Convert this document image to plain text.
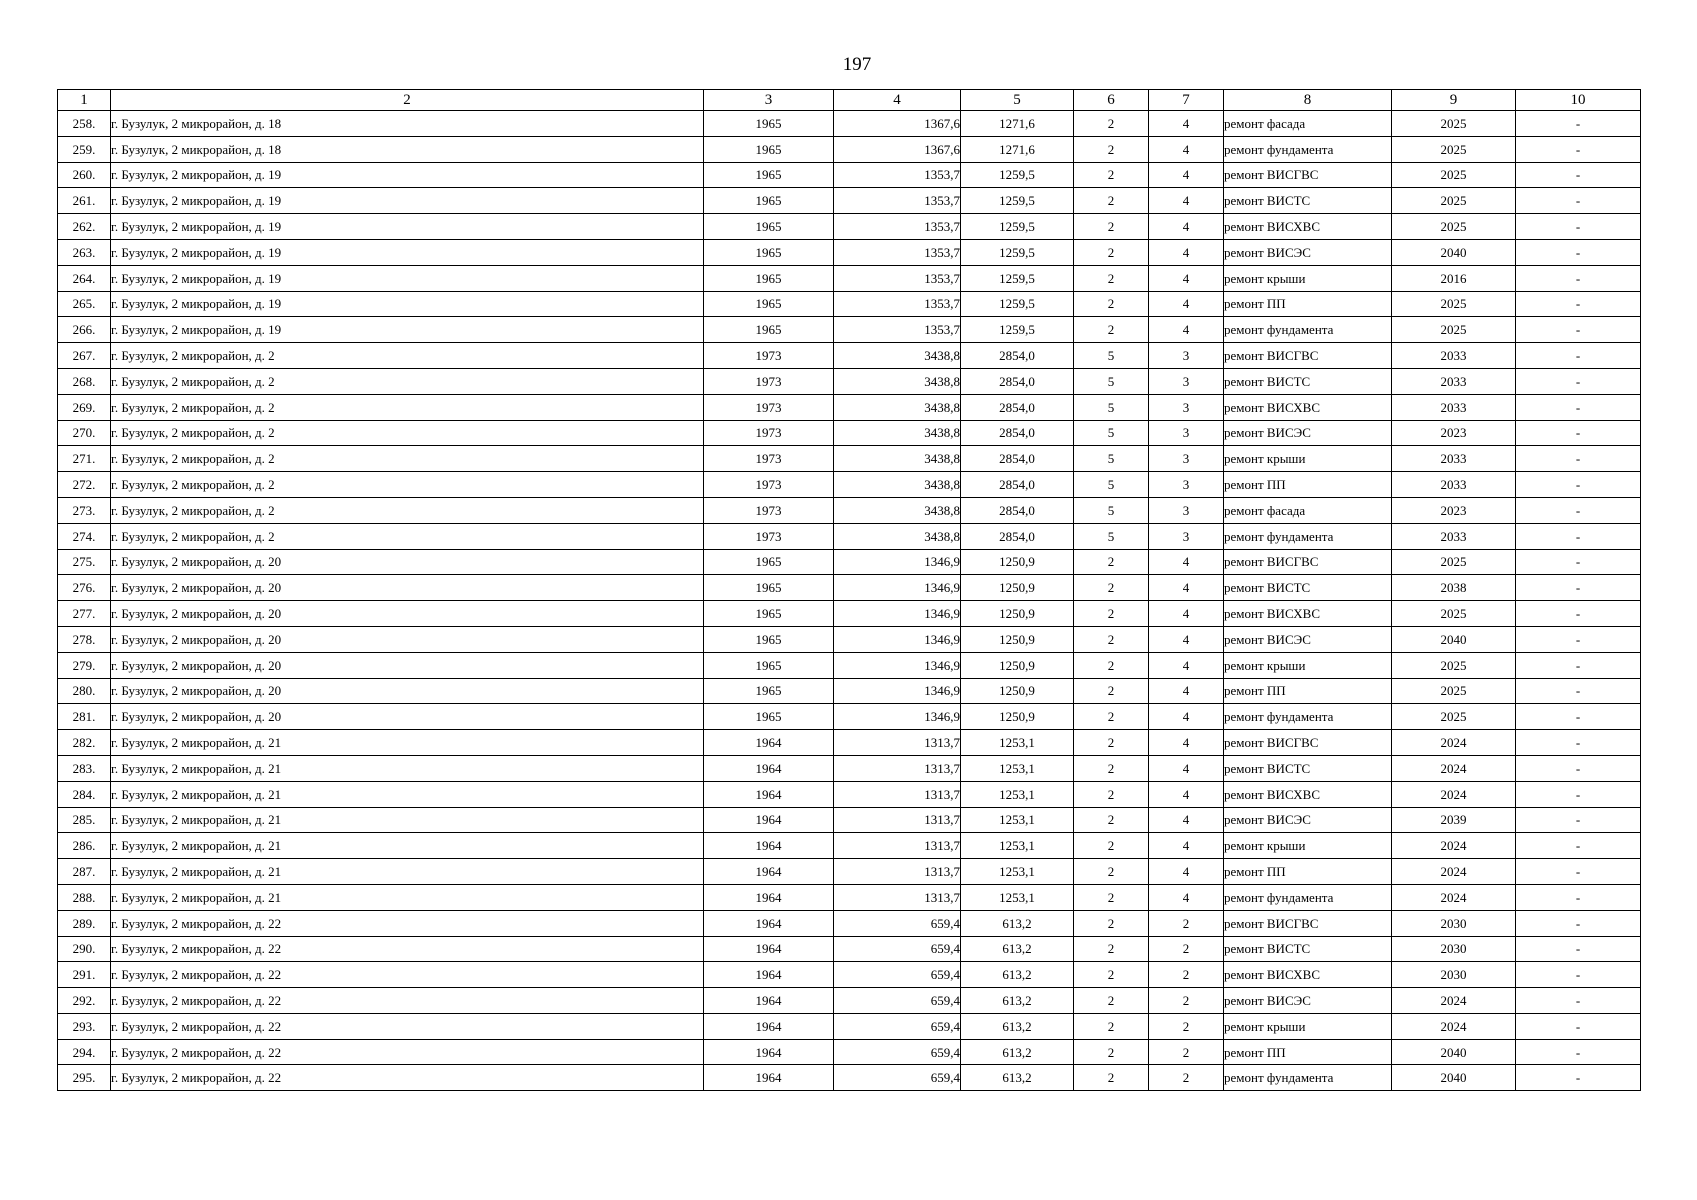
197
1	2	3	4	5	6	7	8	9	10
258.	г. Бузулук, 2 микрорайон, д. 18	1965	1367,6	1271,6	2	4	ремонт фасада	2025	-
259.	г. Бузулук, 2 микрорайон, д. 18	1965	1367,6	1271,6	2	4	ремонт фундамента	2025	-
260.	г. Бузулук, 2 микрорайон, д. 19	1965	1353,7	1259,5	2	4	ремонт ВИСГВС	2025	-
261.	г. Бузулук, 2 микрорайон, д. 19	1965	1353,7	1259,5	2	4	ремонт ВИСТС	2025	-
262.	г. Бузулук, 2 микрорайон, д. 19	1965	1353,7	1259,5	2	4	ремонт ВИСХВС	2025	-
263.	г. Бузулук, 2 микрорайон, д. 19	1965	1353,7	1259,5	2	4	ремонт ВИСЭС	2040	-
264.	г. Бузулук, 2 микрорайон, д. 19	1965	1353,7	1259,5	2	4	ремонт крыши	2016	-
265.	г. Бузулук, 2 микрорайон, д. 19	1965	1353,7	1259,5	2	4	ремонт ПП	2025	-
266.	г. Бузулук, 2 микрорайон, д. 19	1965	1353,7	1259,5	2	4	ремонт фундамента	2025	-
267.	г. Бузулук, 2 микрорайон, д. 2	1973	3438,8	2854,0	5	3	ремонт ВИСГВС	2033	-
268.	г. Бузулук, 2 микрорайон, д. 2	1973	3438,8	2854,0	5	3	ремонт ВИСТС	2033	-
269.	г. Бузулук, 2 микрорайон, д. 2	1973	3438,8	2854,0	5	3	ремонт ВИСХВС	2033	-
270.	г. Бузулук, 2 микрорайон, д. 2	1973	3438,8	2854,0	5	3	ремонт ВИСЭС	2023	-
271.	г. Бузулук, 2 микрорайон, д. 2	1973	3438,8	2854,0	5	3	ремонт крыши	2033	-
272.	г. Бузулук, 2 микрорайон, д. 2	1973	3438,8	2854,0	5	3	ремонт ПП	2033	-
273.	г. Бузулук, 2 микрорайон, д. 2	1973	3438,8	2854,0	5	3	ремонт фасада	2023	-
274.	г. Бузулук, 2 микрорайон, д. 2	1973	3438,8	2854,0	5	3	ремонт фундамента	2033	-
275.	г. Бузулук, 2 микрорайон, д. 20	1965	1346,9	1250,9	2	4	ремонт ВИСГВС	2025	-
276.	г. Бузулук, 2 микрорайон, д. 20	1965	1346,9	1250,9	2	4	ремонт ВИСТС	2038	-
277.	г. Бузулук, 2 микрорайон, д. 20	1965	1346,9	1250,9	2	4	ремонт ВИСХВС	2025	-
278.	г. Бузулук, 2 микрорайон, д. 20	1965	1346,9	1250,9	2	4	ремонт ВИСЭС	2040	-
279.	г. Бузулук, 2 микрорайон, д. 20	1965	1346,9	1250,9	2	4	ремонт крыши	2025	-
280.	г. Бузулук, 2 микрорайон, д. 20	1965	1346,9	1250,9	2	4	ремонт ПП	2025	-
281.	г. Бузулук, 2 микрорайон, д. 20	1965	1346,9	1250,9	2	4	ремонт фундамента	2025	-
282.	г. Бузулук, 2 микрорайон, д. 21	1964	1313,7	1253,1	2	4	ремонт ВИСГВС	2024	-
283.	г. Бузулук, 2 микрорайон, д. 21	1964	1313,7	1253,1	2	4	ремонт ВИСТС	2024	-
284.	г. Бузулук, 2 микрорайон, д. 21	1964	1313,7	1253,1	2	4	ремонт ВИСХВС	2024	-
285.	г. Бузулук, 2 микрорайон, д. 21	1964	1313,7	1253,1	2	4	ремонт ВИСЭС	2039	-
286.	г. Бузулук, 2 микрорайон, д. 21	1964	1313,7	1253,1	2	4	ремонт крыши	2024	-
287.	г. Бузулук, 2 микрорайон, д. 21	1964	1313,7	1253,1	2	4	ремонт ПП	2024	-
288.	г. Бузулук, 2 микрорайон, д. 21	1964	1313,7	1253,1	2	4	ремонт фундамента	2024	-
289.	г. Бузулук, 2 микрорайон, д. 22	1964	659,4	613,2	2	2	ремонт ВИСГВС	2030	-
290.	г. Бузулук, 2 микрорайон, д. 22	1964	659,4	613,2	2	2	ремонт ВИСТС	2030	-
291.	г. Бузулук, 2 микрорайон, д. 22	1964	659,4	613,2	2	2	ремонт ВИСХВС	2030	-
292.	г. Бузулук, 2 микрорайон, д. 22	1964	659,4	613,2	2	2	ремонт ВИСЭС	2024	-
293.	г. Бузулук, 2 микрорайон, д. 22	1964	659,4	613,2	2	2	ремонт крыши	2024	-
294.	г. Бузулук, 2 микрорайон, д. 22	1964	659,4	613,2	2	2	ремонт ПП	2040	-
295.	г. Бузулук, 2 микрорайон, д. 22	1964	659,4	613,2	2	2	ремонт фундамента	2040	-
